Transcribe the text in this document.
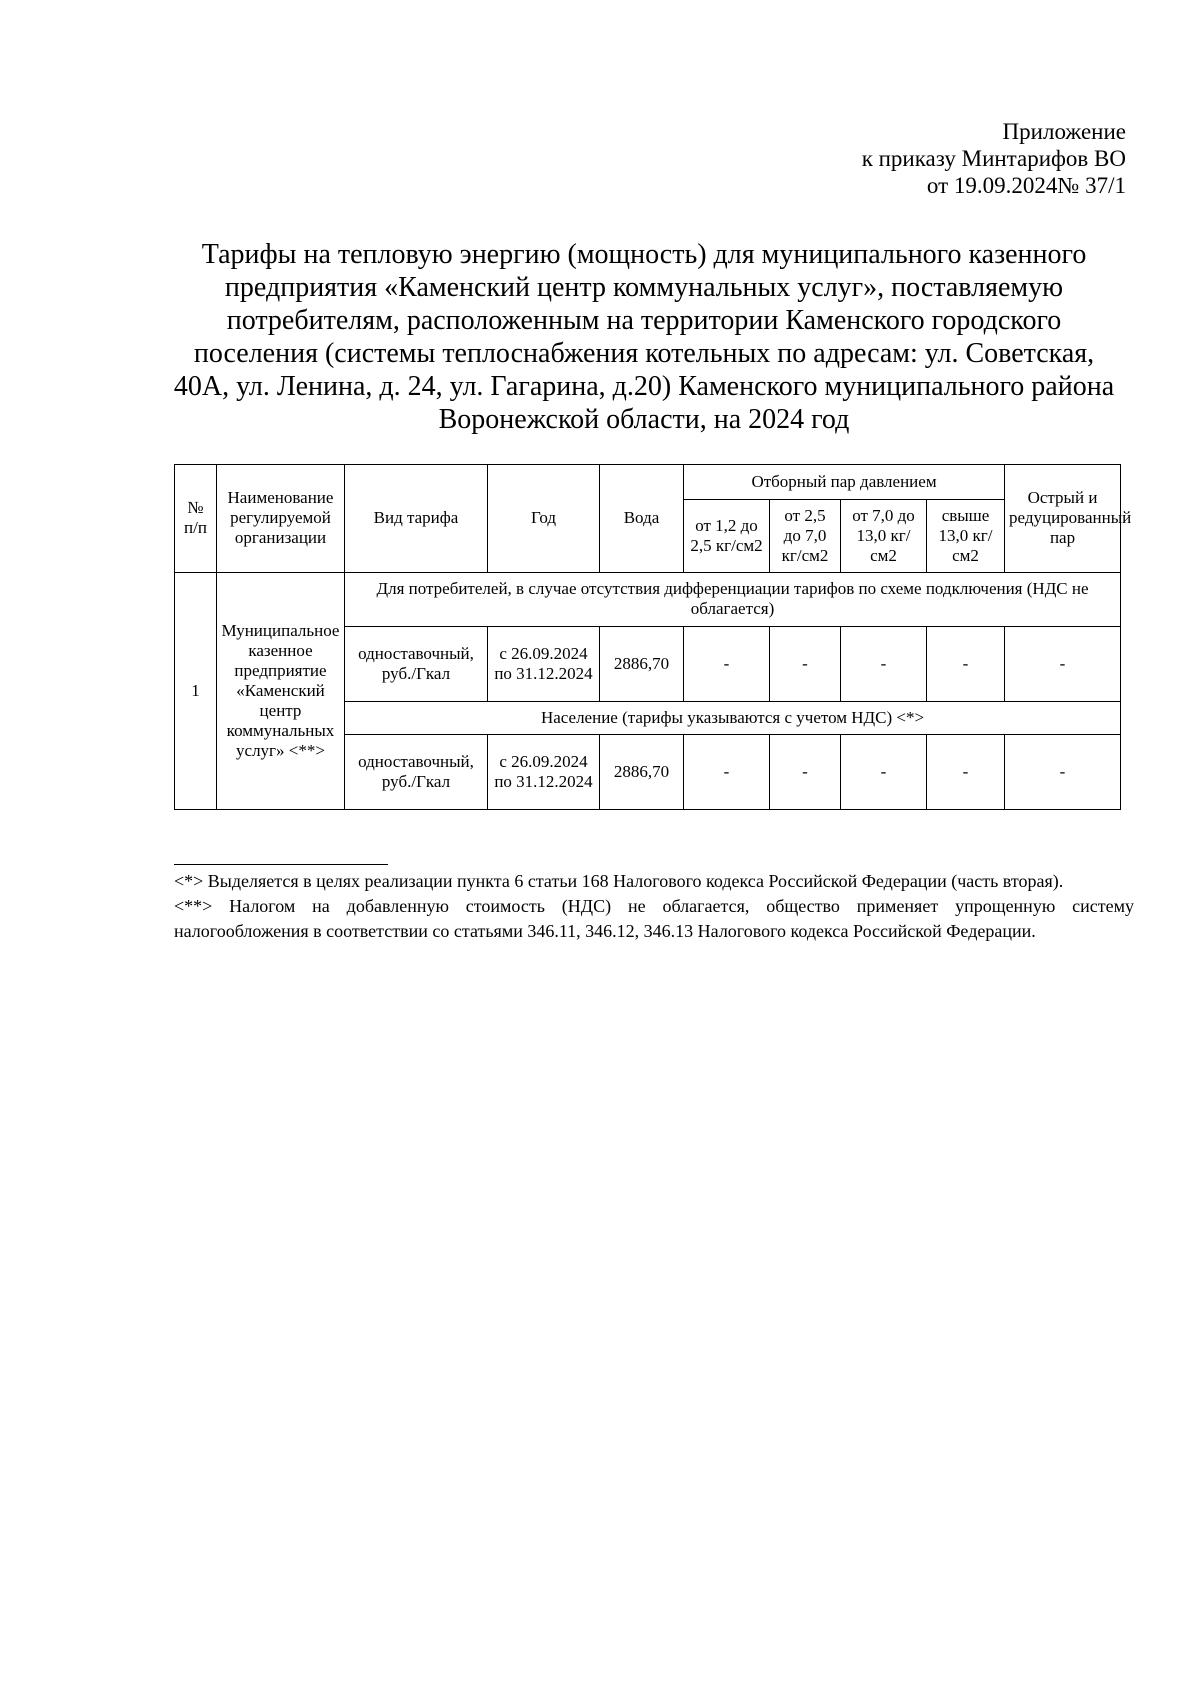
Приложение
к приказу Минтарифов ВО
от 19.09.2024№ 37/1
Тарифы на тепловую энергию (мощность) для муниципального казенного предприятия «Каменский центр коммунальных услуг», поставляемую потребителям, расположенным на территории Каменского городского поселения (системы теплоснабжения котельных по адресам: ул. Советская, 40А, ул. Ленина, д. 24, ул. Гагарина, д.20) Каменского муниципального района Воронежской области, на 2024 год
№ п/п	Наименование регулируемой организации	Вид тарифа	Год	Вода	Отборный пар давлением				Острый и редуцированный пар
					от 1,2 до 2,5 кг/см2	от 2,5 до 7,0 кг/см2	от 7,0 до 13,0 кг/см2	свыше 13,0 кг/см2	
1	Муниципальное казенное предприятие «Каменский центр коммунальных услуг» <**>	Для потребителей, в случае отсутствия дифференциации тарифов по схеме подключения (НДС не облагается)							
		одноставочный, руб./Гкал	с 26.09.2024 по 31.12.2024	2886,70	-	-	-	-	-
		Население (тарифы указываются с учетом НДС) <*>							
		одноставочный, руб./Гкал	с 26.09.2024 по 31.12.2024	2886,70	-	-	-	-	-

<*> Выделяется в целях реализации пункта 6 статьи 168 Налогового кодекса Российской Федерации (часть вторая).

<**> Налогом на добавленную стоимость (НДС) не облагается, общество применяет упрощенную систему налогообложения в соответствии со статьями 346.11, 346.12, 346.13 Налогового кодекса Российской Федерации.
